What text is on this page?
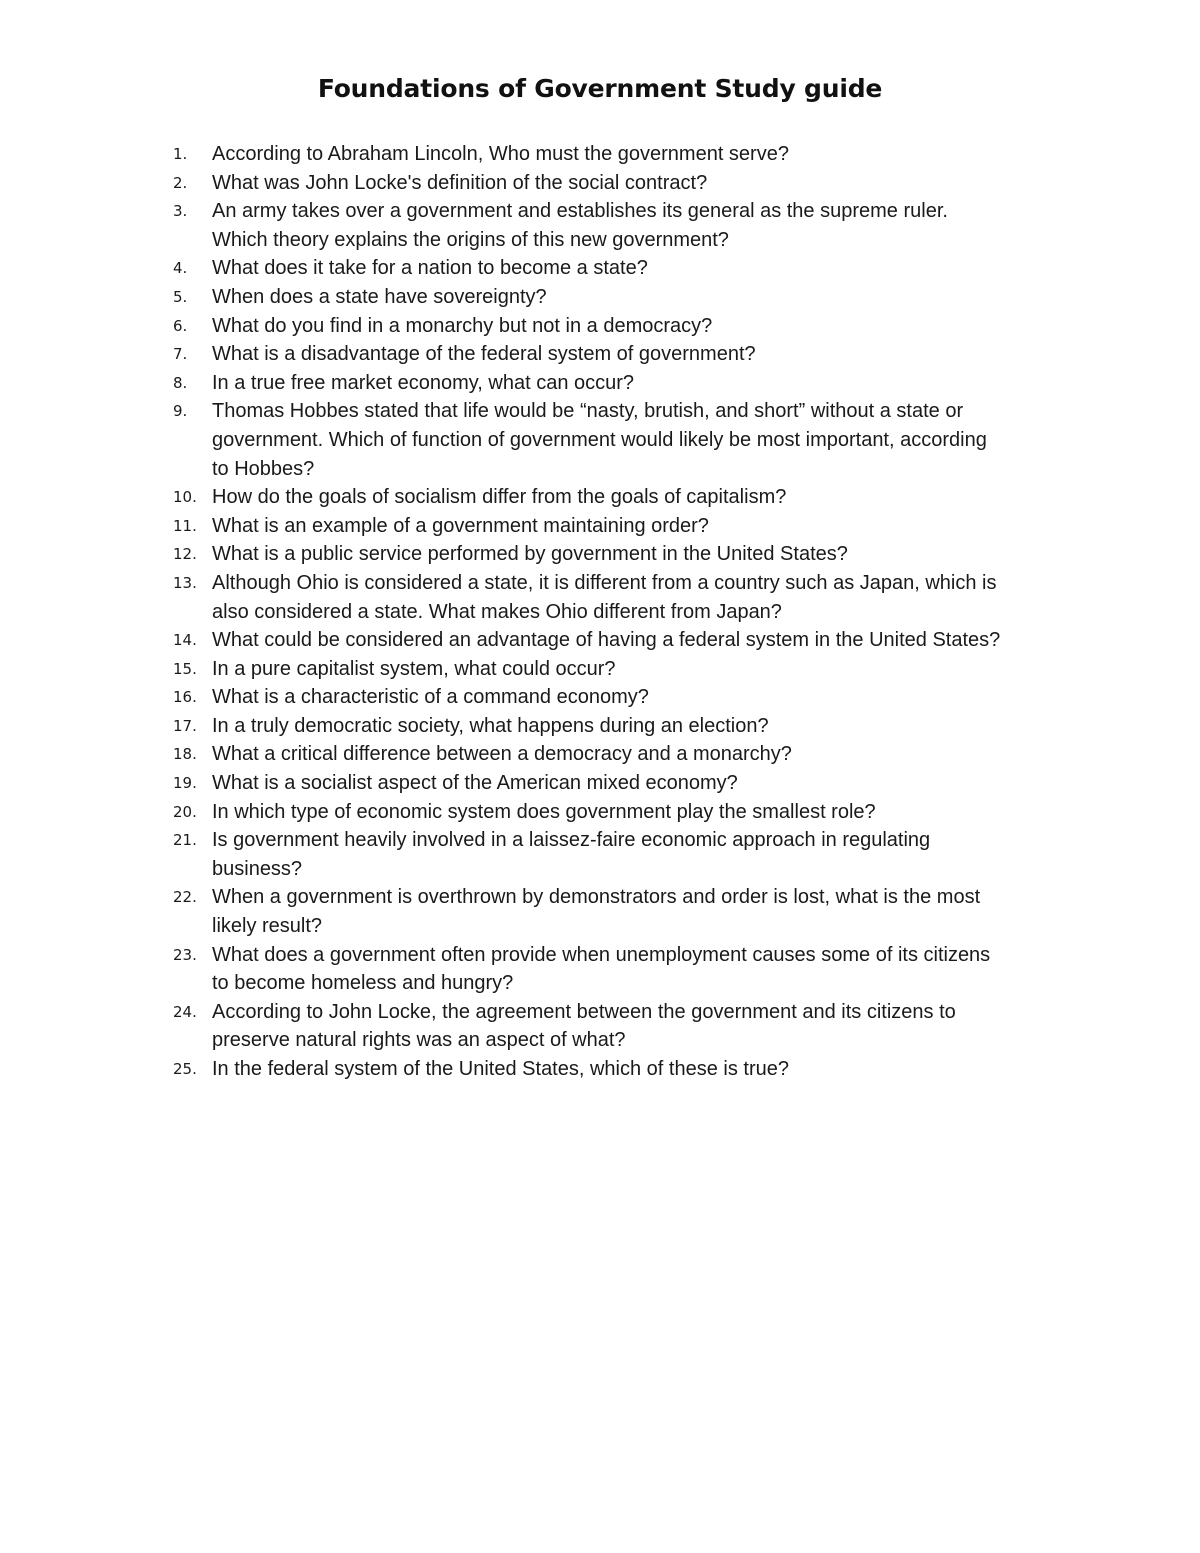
Foundations of Government Study guide
1. According to Abraham Lincoln, Who must the government serve?
2. What was John Locke's definition of the social contract?
3. An army takes over a government and establishes its general as the supreme ruler.
Which theory explains the origins of this new government?
4. What does it take for a nation to become a state?
5. When does a state have sovereignty?
6. What do you find in a monarchy but not in a democracy?
7. What is a disadvantage of the federal system of government?
8. In a true free market economy, what can occur?
9. Thomas Hobbes stated that life would be “nasty, brutish, and short” without a state or
government. Which of function of government would likely be most important, according
to Hobbes?
10. How do the goals of socialism differ from the goals of capitalism?
11. What is an example of a government maintaining order?
12. What is a public service performed by government in the United States?
13. Although Ohio is considered a state, it is different from a country such as Japan, which is
also considered a state. What makes Ohio different from Japan?
14. What could be considered an advantage of having a federal system in the United States?
15. In a pure capitalist system, what could occur?
16. What is a characteristic of a command economy?
17. In a truly democratic society, what happens during an election?
18. What a critical difference between a democracy and a monarchy?
19. What is a socialist aspect of the American mixed economy?
20. In which type of economic system does government play the smallest role?
21. Is government heavily involved in a laissez-faire economic approach in regulating
business?
22. When a government is overthrown by demonstrators and order is lost, what is the most
likely result?
23. What does a government often provide when unemployment causes some of its citizens
to become homeless and hungry?
24. According to John Locke, the agreement between the government and its citizens to
preserve natural rights was an aspect of what?
25. In the federal system of the United States, which of these is true?
